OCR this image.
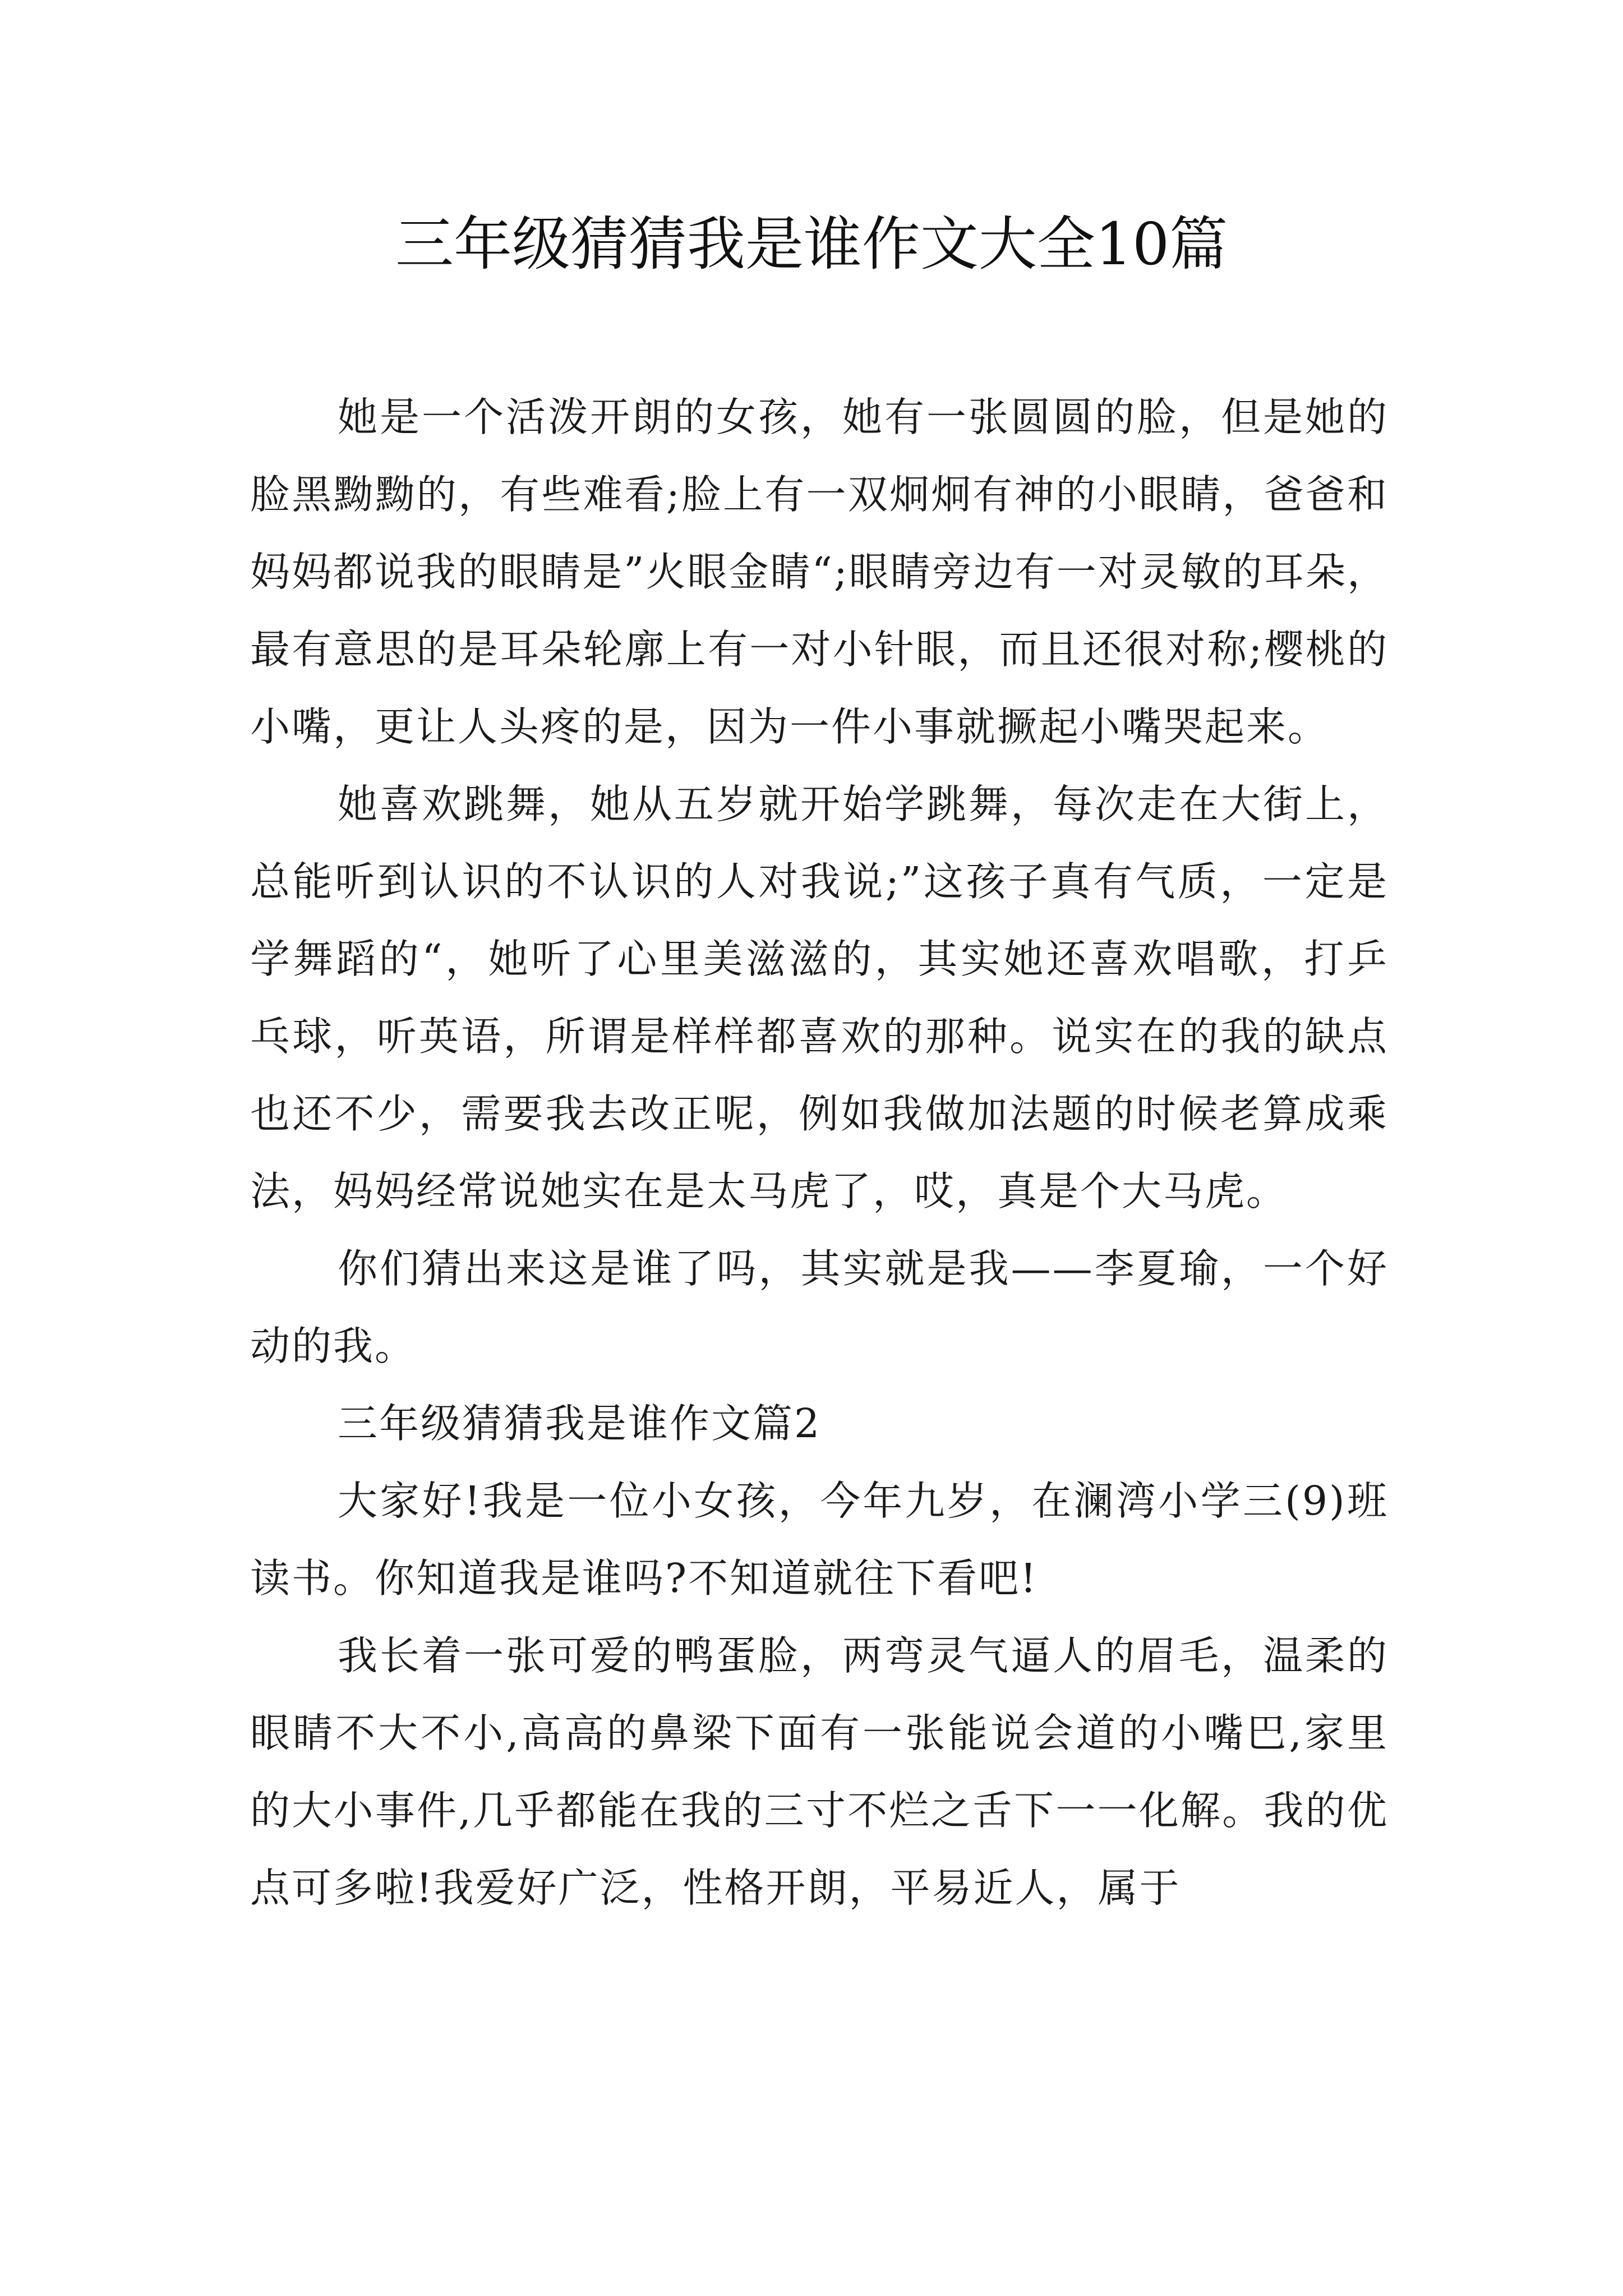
三年级猜猜我是谁作文大全10篇

她是一个活泼开朗的女孩，她有一张圆圆的脸，但是她的脸黑黝黝的，有些难看;脸上有一双炯炯有神的小眼睛，爸爸和妈妈都说我的眼睛是”火眼金睛“;眼睛旁边有一对灵敏的耳朵，最有意思的是耳朵轮廓上有一对小针眼，而且还很对称;樱桃的小嘴，更让人头疼的是，因为一件小事就撅起小嘴哭起来。

她喜欢跳舞，她从五岁就开始学跳舞，每次走在大街上，总能听到认识的不认识的人对我说;”这孩子真有气质，一定是学舞蹈的“，她听了心里美滋滋的，其实她还喜欢唱歌，打乒乓球，听英语，所谓是样样都喜欢的那种。说实在的我的缺点也还不少，需要我去改正呢，例如我做加法题的时候老算成乘法，妈妈经常说她实在是太马虎了，哎，真是个大马虎。

你们猜出来这是谁了吗，其实就是我——李夏瑜，一个好动的我。

三年级猜猜我是谁作文篇2

大家好!我是一位小女孩，今年九岁，在澜湾小学三(9)班读书。你知道我是谁吗?不知道就往下看吧!

我长着一张可爱的鸭蛋脸，两弯灵气逼人的眉毛，温柔的眼睛不大不小,高高的鼻梁下面有一张能说会道的小嘴巴,家里的大小事件,几乎都能在我的三寸不烂之舌下一一化解。我的优点可多啦!我爱好广泛，性格开朗，平易近人，属于
